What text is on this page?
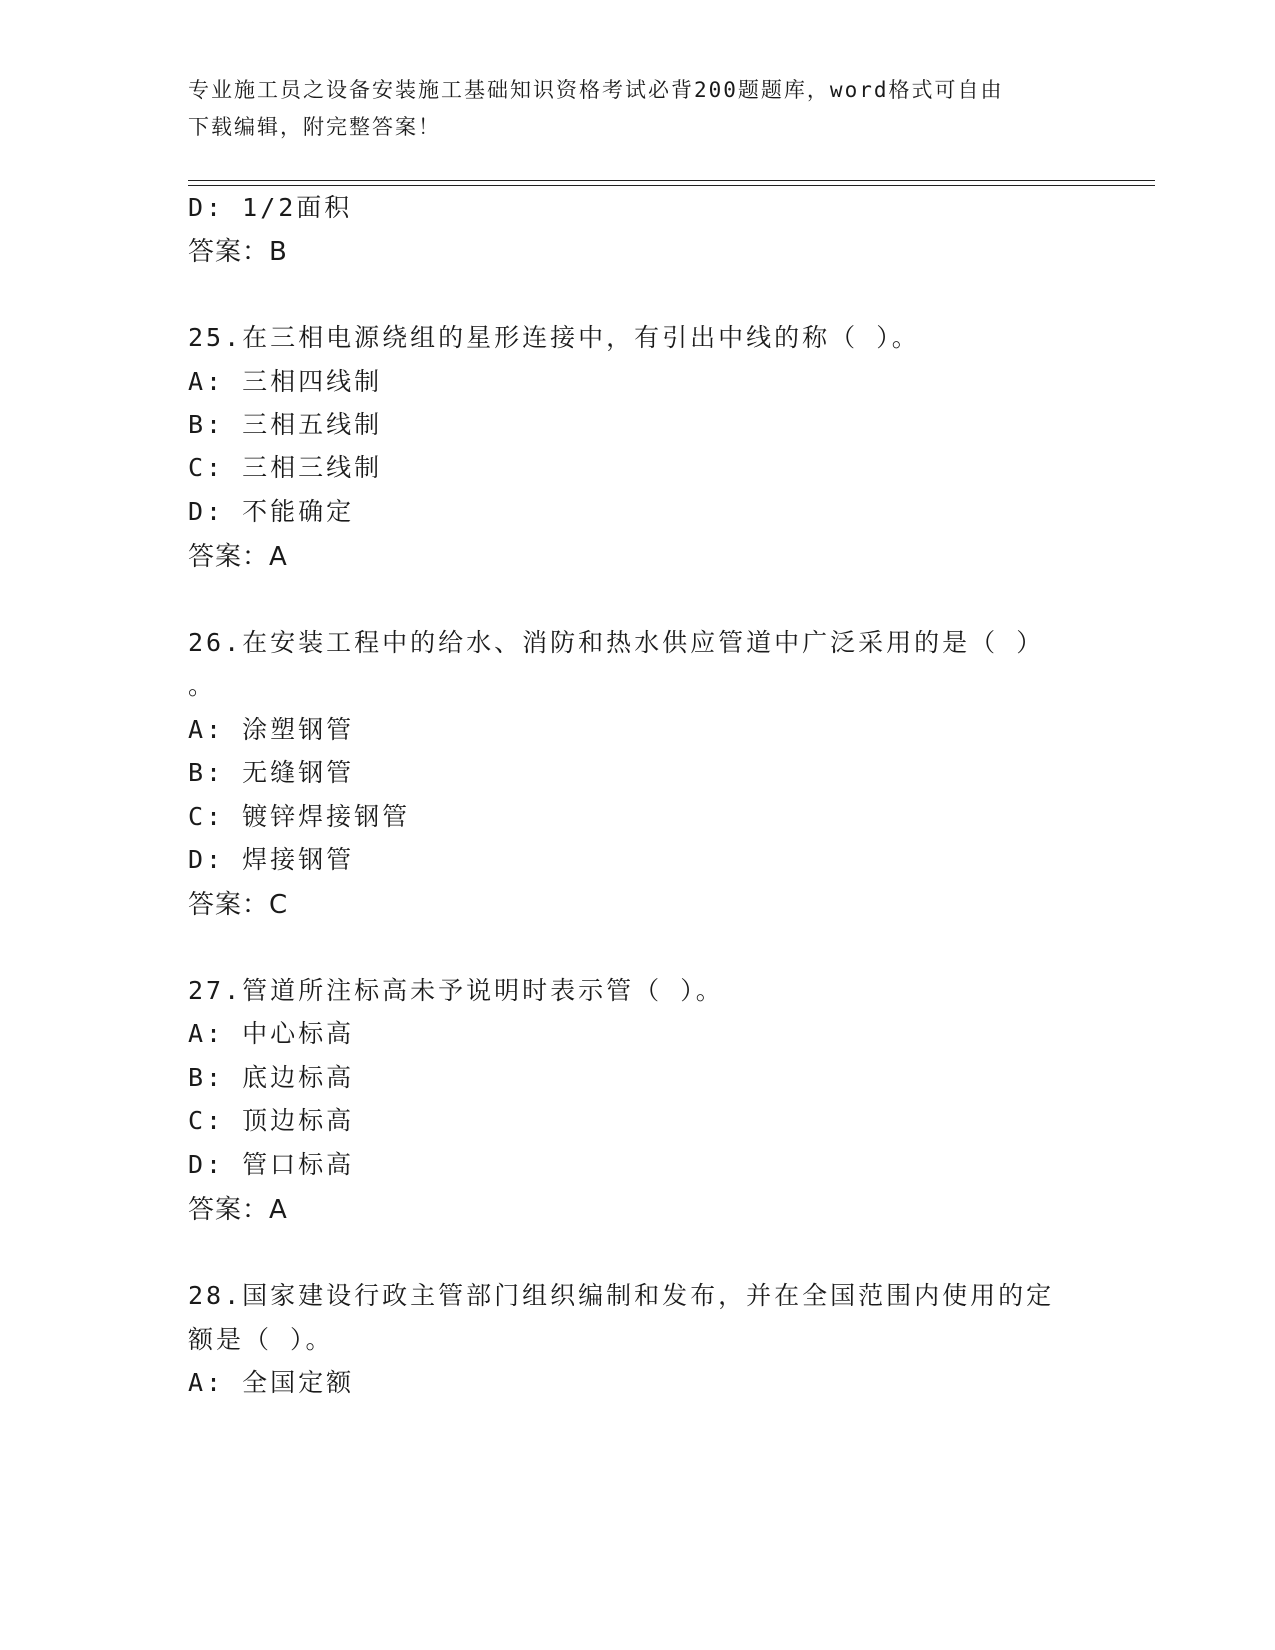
专业施工员之设备安装施工基础知识资格考试必背200题题库，word格式可自由
下载编辑，附完整答案！
D: 1/2面积
答案：B
25.在三相电源绕组的星形连接中，有引出中线的称（ ）。
A: 三相四线制
B: 三相五线制
C: 三相三线制
D: 不能确定
答案：A
26.在安装工程中的给水、消防和热水供应管道中广泛采用的是（ ）
。
A: 涂塑钢管
B: 无缝钢管
C: 镀锌焊接钢管
D: 焊接钢管
答案：C
27.管道所注标高未予说明时表示管（ ）。
A: 中心标高
B: 底边标高
C: 顶边标高
D: 管口标高
答案：A
28.国家建设行政主管部门组织编制和发布，并在全国范围内使用的定
额是（ ）。
A: 全国定额
